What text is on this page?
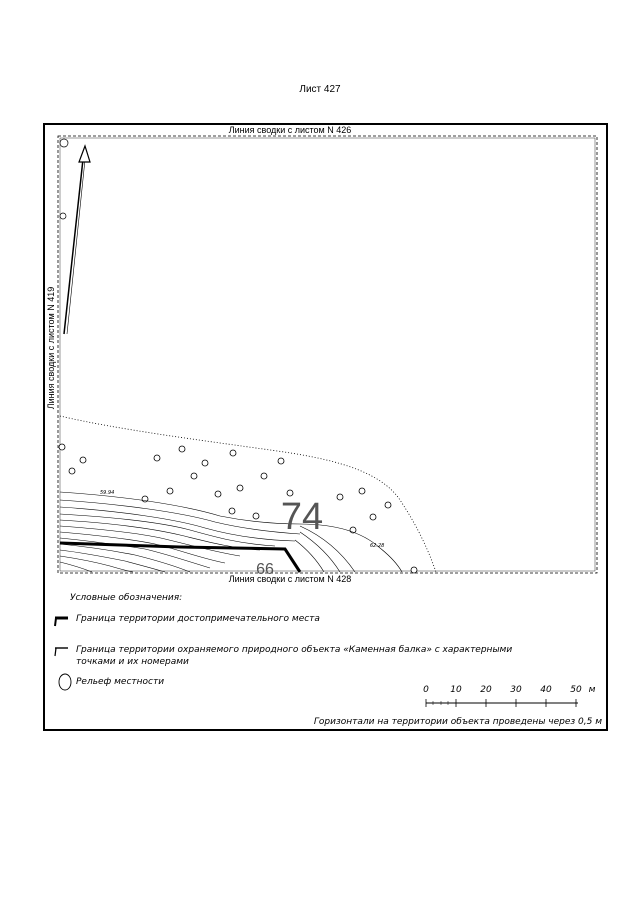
Лист 427
Линия сводки с листом N 426
Линия сводки с листом N 419
Линия сводки с листом N 428
59.94
62.28
74
66
Условные обозначения:
Граница территории достопримечательного места
Граница территории охраняемого природного объекта «Каменная балка» с характерными
точками и их номерами
Рельеф местности
0 10 20 30 40 50 м
Горизонтали на территории объекта проведены через 0,5 м
